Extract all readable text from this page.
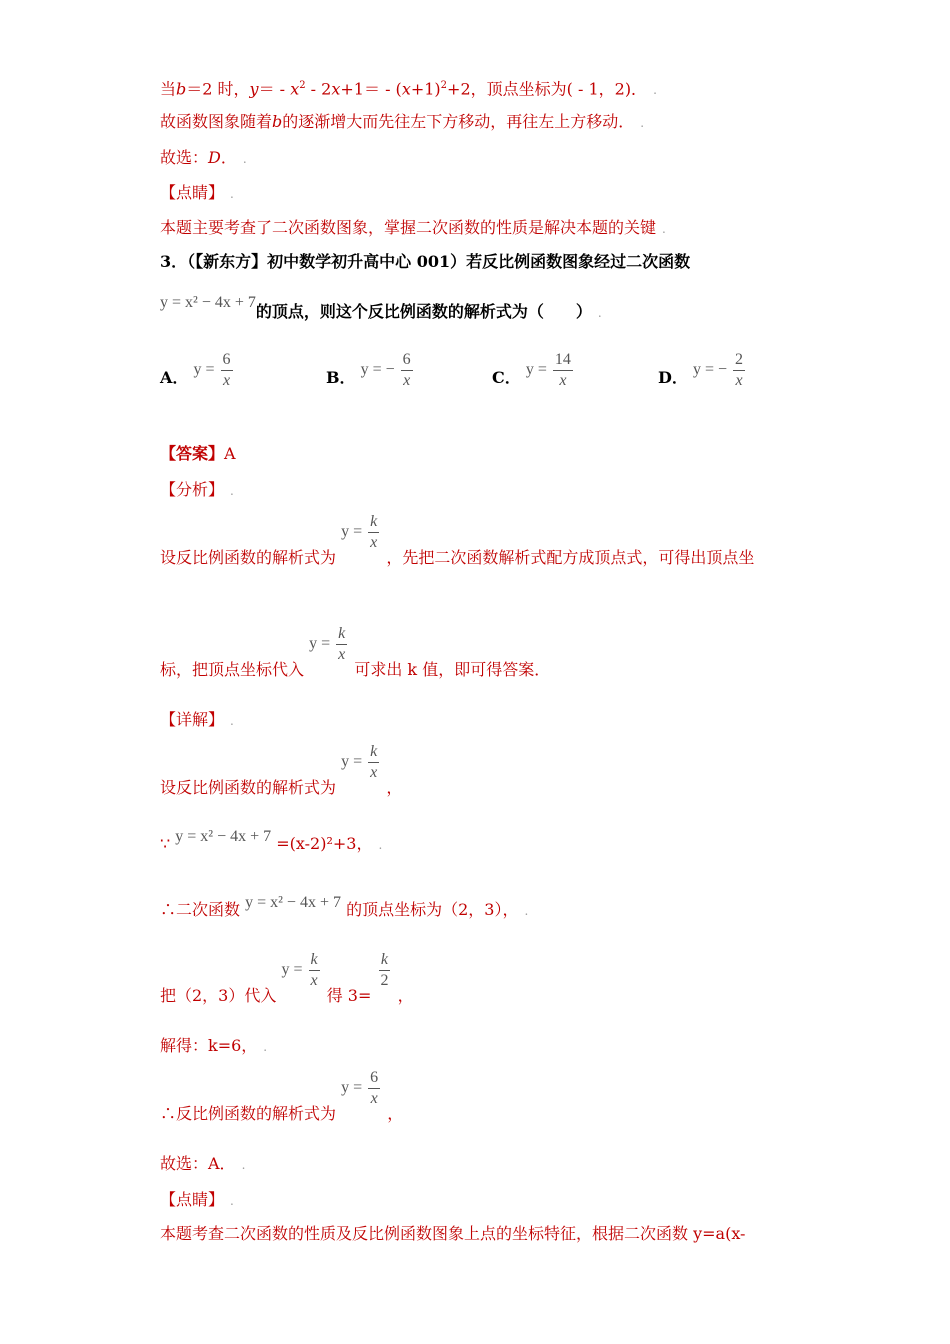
当b＝2 时，$y= - x^2 - 2x+1= - (x+1)^2+2$，顶点坐标为( - 1，2)． .
故函数图象随着b的逐渐增大而先往左下方移动，再往左上方移动． .
故选：D． .
【点睛】 .
本题主要考查了二次函数图象，掌握二次函数的性质是解决本题的关键 .
3．（【新东方】初中数学初升高中心 001）若反比例函数图象经过二次函数
y = x² − 4x + 7的顶点，则这个反比例函数的解析式为（　　） .
A． $y = \frac{6}{x}$	B． y = − $\frac{6}{x}$	C． $y = \frac{14}{x}$	D． y = − $\frac{2}{x}$
【答案】A
【分析】 .
设反比例函数的解析式为 $y = \frac{k}{x}$
，先把二次函数解析式配方成顶点式，可得出顶点坐
标，把顶点坐标代入 $y = \frac{k}{x}$
可求出 k 值，即可得答案．
【详解】 .
设反比例函数的解析式为 $y = \frac{k}{x}$
，
∵ y = x² − 4x + 7 =(x-2)²+3， .
∴二次函数 y = x² − 4x + 7 的顶点坐标为（2，3）， .
把（2，3）代入 $y = \frac{k}{x}$
得 3=
$\frac{k}{2}$
，
解得：k=6， .
∴反比例函数的解析式为 $y = \frac{6}{x}$
，
故选：A． .
【点睛】 .
本题考查二次函数的性质及反比例函数图象上点的坐标特征，根据二次函数 y=a(x-
